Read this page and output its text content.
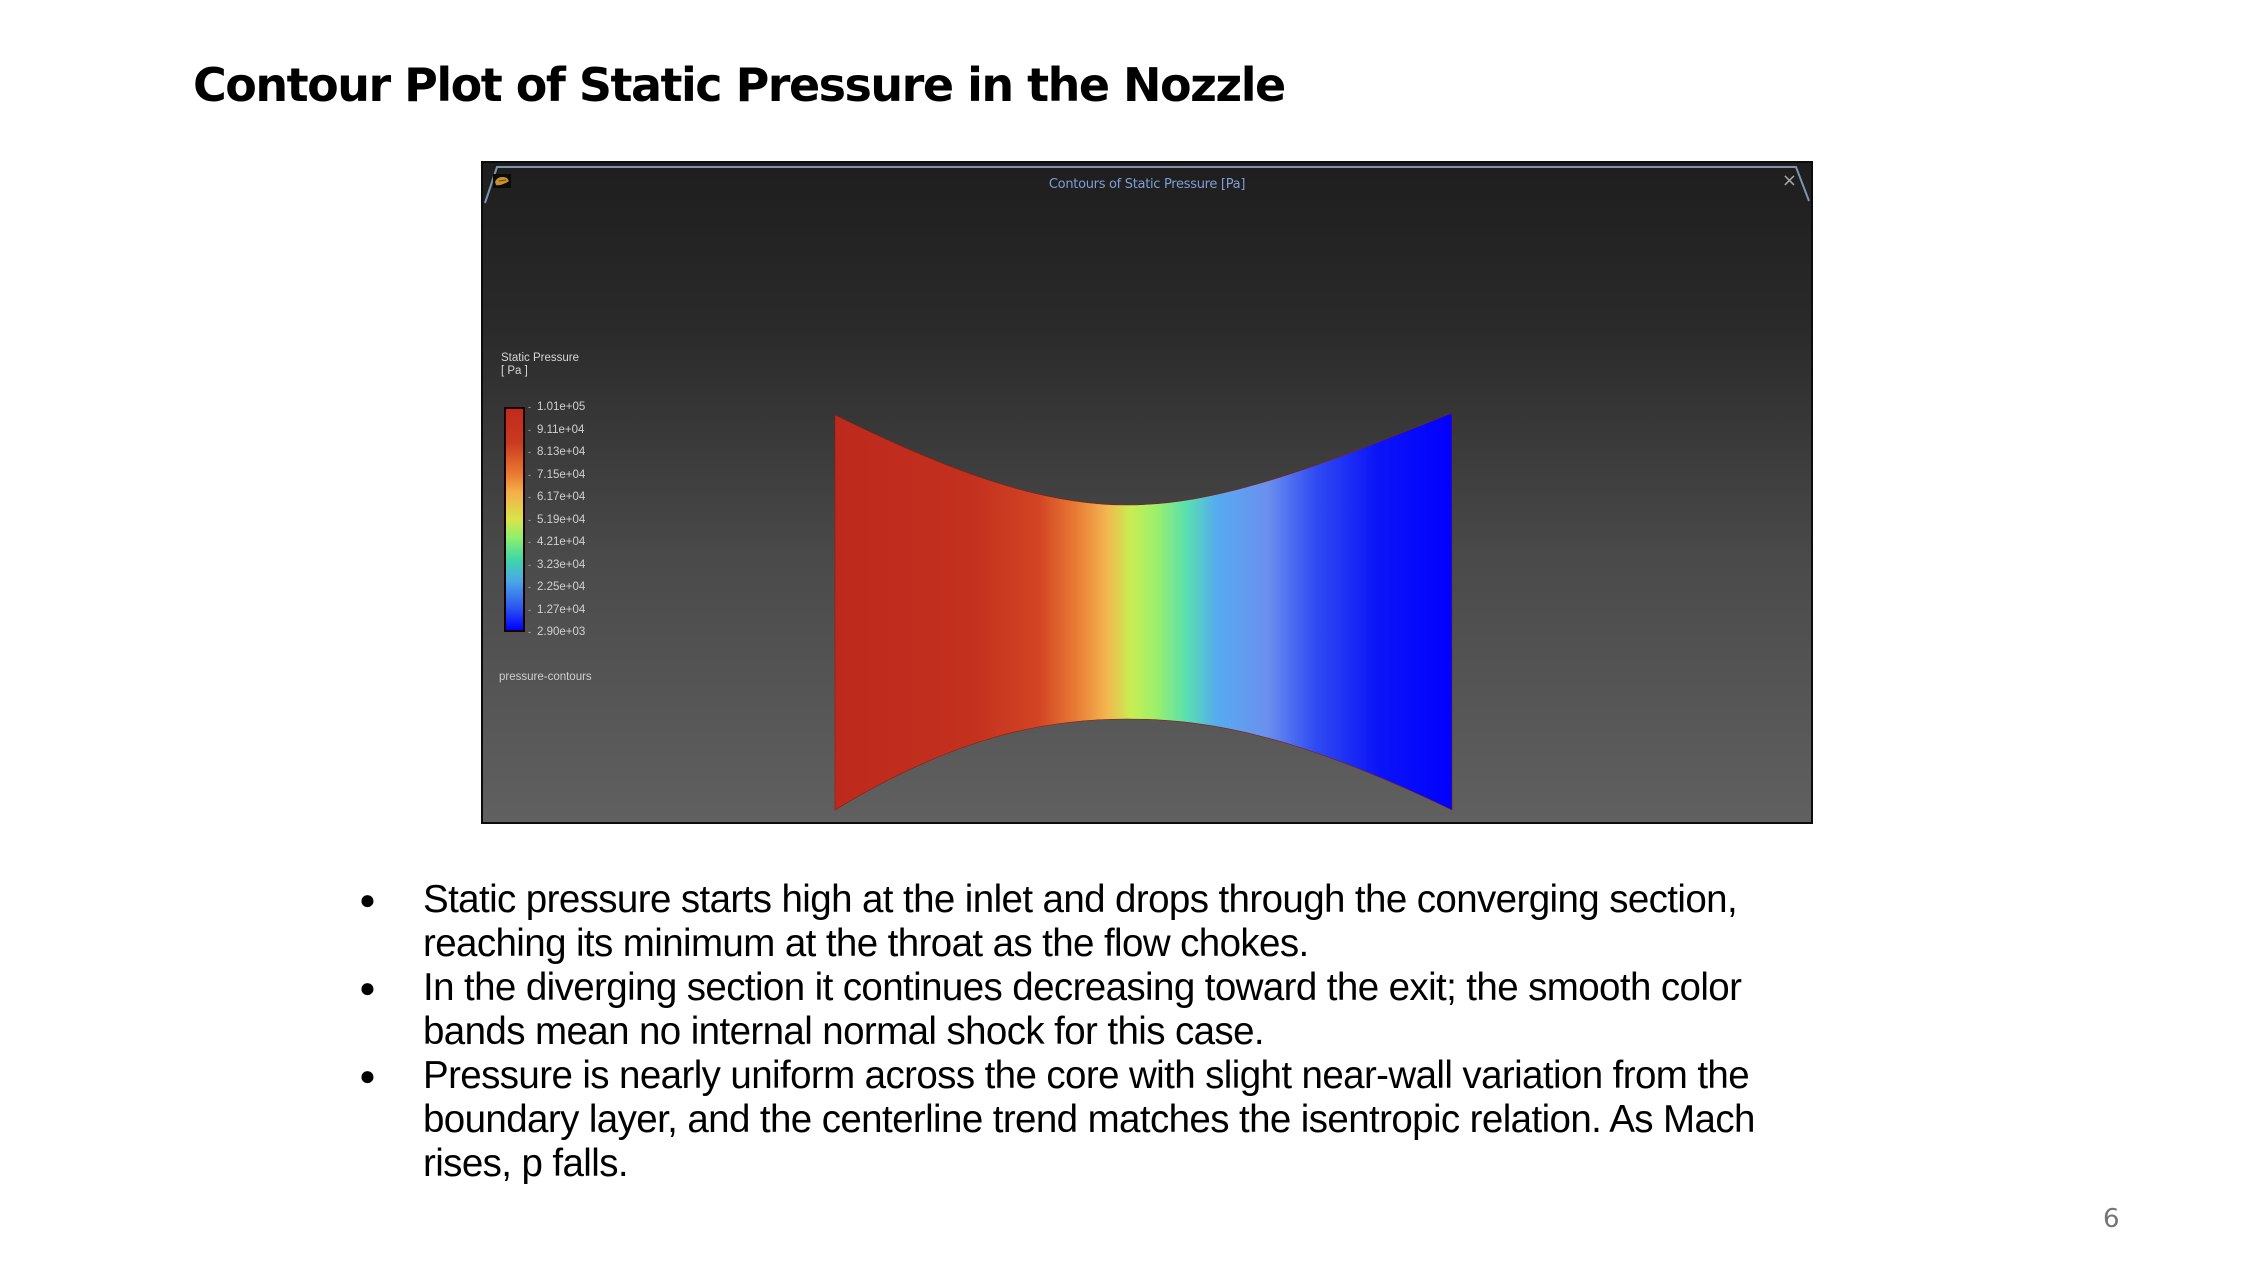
Contour Plot of Static Pressure in the Nozzle
Contours of Static Pressure [Pa]	×
Static Pressure
[ Pa ]
- 1.01e+05
- 9.11e+04
- 8.13e+04
- 7.15e+04
- 6.17e+04
- 5.19e+04
- 4.21e+04
- 3.23e+04
- 2.25e+04
- 1.27e+04
- 2.90e+03
pressure-contours
● Static pressure starts high at the inlet and drops through the converging section,
reaching its minimum at the throat as the flow chokes.
● In the diverging section it continues decreasing toward the exit; the smooth color
bands mean no internal normal shock for this case.
● Pressure is nearly uniform across the core with slight near-wall variation from the
boundary layer, and the centerline trend matches the isentropic relation. As Mach
rises, p falls.
6
